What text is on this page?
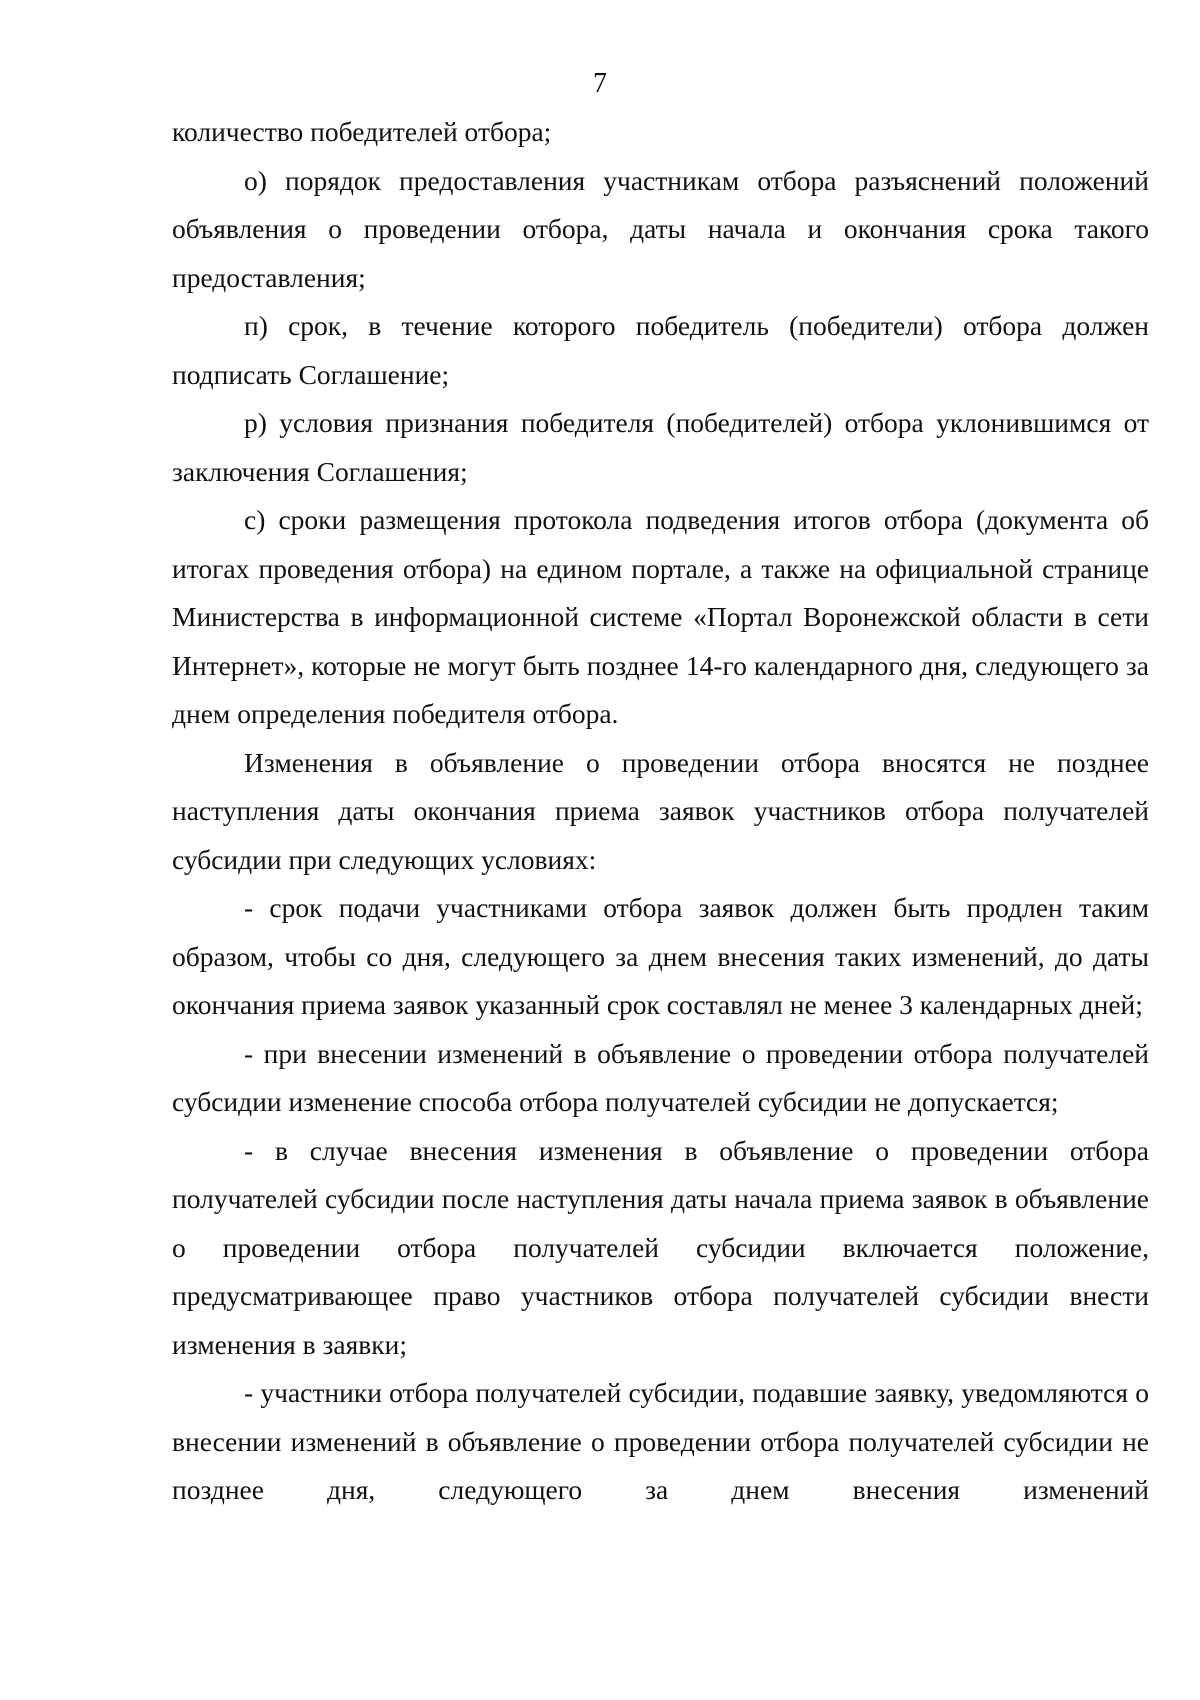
7

количество победителей отбора;

о) порядок предоставления участникам отбора разъяснений положений объявления о проведении отбора, даты начала и окончания срока такого предоставления;

п) срок, в течение которого победитель (победители) отбора должен подписать Соглашение;

р) условия признания победителя (победителей) отбора уклонившимся от заключения Соглашения;

с) сроки размещения протокола подведения итогов отбора (документа об итогах проведения отбора) на едином портале, а также на официальной странице Министерства в информационной системе «Портал Воронежской области в сети Интернет», которые не могут быть позднее 14-го календарного дня, следующего за днем определения победителя отбора.

Изменения в объявление о проведении отбора вносятся не позднее наступления даты окончания приема заявок участников отбора получателей субсидии при следующих условиях:

- срок подачи участниками отбора заявок должен быть продлен таким образом, чтобы со дня, следующего за днем внесения таких изменений, до даты окончания приема заявок указанный срок составлял не менее 3 календарных дней;

- при внесении изменений в объявление о проведении отбора получателей субсидии изменение способа отбора получателей субсидии не допускается;

- в случае внесения изменения в объявление о проведении отбора получателей субсидии после наступления даты начала приема заявок в объявление о проведении отбора получателей субсидии включается положение, предусматривающее право участников отбора получателей субсидии внести изменения в заявки;

- участники отбора получателей субсидии, подавшие заявку, уведомляются о внесении изменений в объявление о проведении отбора получателей субсидии не позднее дня, следующего за днем внесения изменений
